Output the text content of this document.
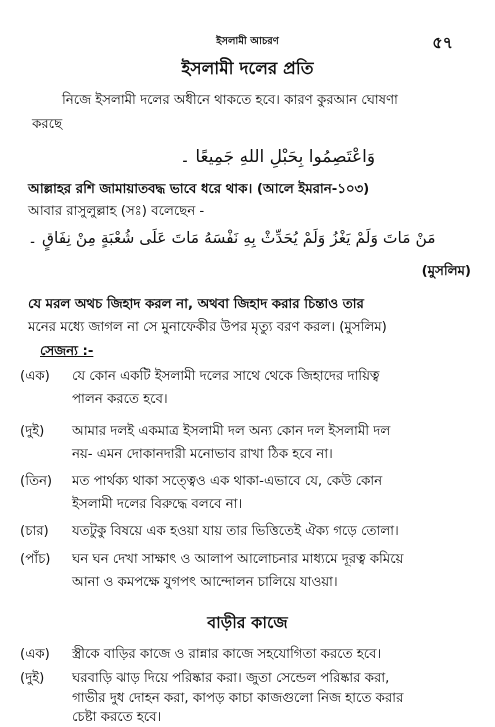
ইসলামী আচরণ	৫৭
ইসলামী দলের প্রতি
নিজে ইসলামী দলের অধীনে থাকতে হবে। কারণ কুরআন ঘোষণা
করছে
وَاعْتَصِمُوا بِحَبْلِ اللهِ جَمِيعًا ۔
আল্লাহর রশি জামায়াতবদ্ধ ভাবে ধরে থাক। (আলে ইমরান-১০৩)
আবার রাসুলুল্লাহ (সঃ) বলেছেন -
مَنْ مَاتَ وَلَمْ يَغْزُ وَلَمْ يُحَدِّثْ بِهِ نَفْسَهُ مَاتَ عَلَى شُعْبَةٍ مِنْ نِفَاقٍ ۔
(মুসলিম)
যে মরল অথচ জিহাদ করল না, অথবা জিহাদ করার চিন্তাও তার
মনের মধ্যে জাগল না সে মুনাফেকীর উপর মৃত্যু বরণ করল। (মুসলিম)
সেজন্য :-
(এক) যে কোন একটি ইসলামী দলের সাথে থেকে জিহাদের দায়িত্ব
পালন করতে হবে।
(দুই) আমার দলই একমাত্র ইসলামী দল অন্য কোন দল ইসলামী দল
নয়- এমন দোকানদারী মনোভাব রাখা ঠিক হবে না।
(তিন) মত পার্থক্য থাকা সত্ত্বেও এক থাকা-এভাবে যে, কেউ কোন
ইসলামী দলের বিরুদ্ধে বলবে না।
(চার) যতটুকু বিষয়ে এক হওয়া যায় তার ভিত্তিতেই ঐক্য গড়ে তোলা।
(পাঁচ) ঘন ঘন দেখা সাক্ষাৎ ও আলাপ আলোচনার মাধ্যমে দূরত্ব কমিয়ে
আনা ও কমপক্ষে যুগপৎ আন্দোলন চালিয়ে যাওয়া।
বাড়ীর কাজে
(এক) স্ত্রীকে বাড়ির কাজে ও রান্নার কাজে সহযোগিতা করতে হবে।
(দুই) ঘরবাড়ি ঝাড় দিয়ে পরিষ্কার করা। জুতা সেন্ডেল পরিষ্কার করা,
গাভীর দুধ দোহন করা, কাপড় কাচা কাজগুলো নিজ হাতে করার
চেষ্টা করতে হবে।
